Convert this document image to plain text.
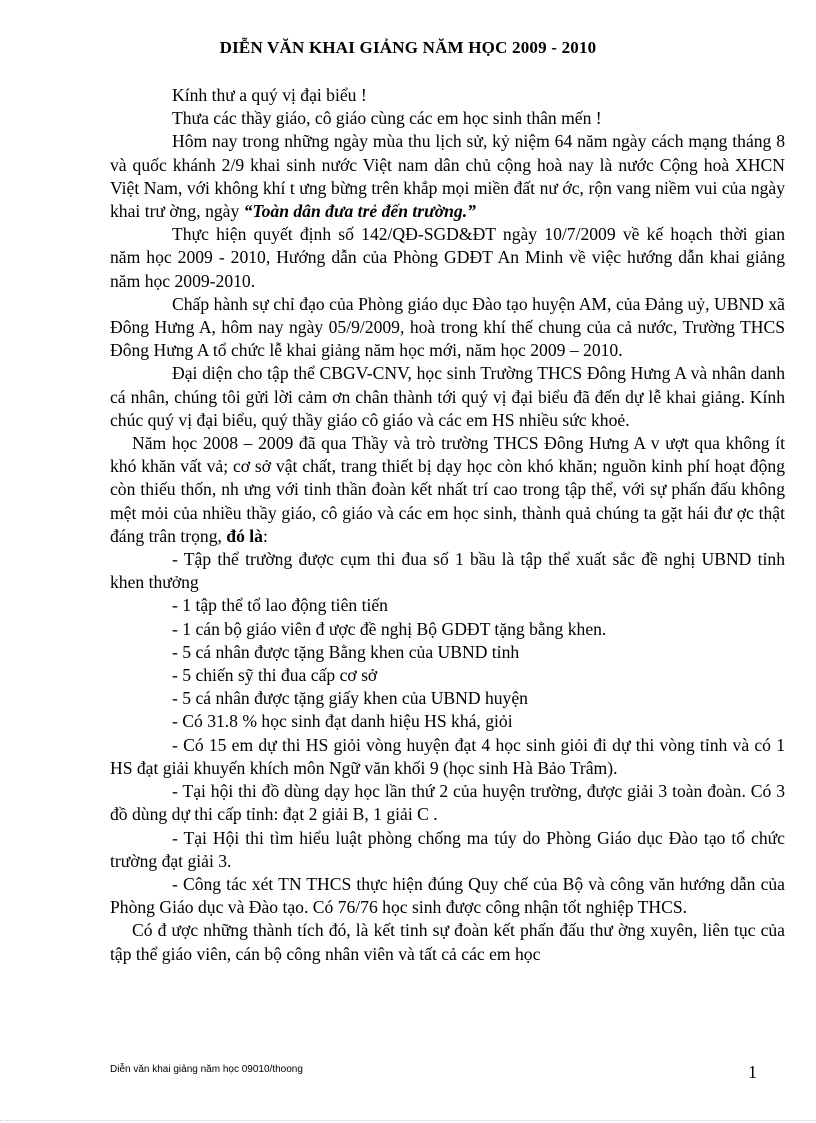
DIỄN VĂN KHAI GIẢNG NĂM HỌC 2009 - 2010

Kính thư a quý vị đại biểu !

Thưa các thầy giáo, cô giáo cùng các em học sinh thân mến !

Hôm nay trong những ngày mùa thu lịch sử, kỷ niệm 64 năm ngày cách mạng tháng 8 và quốc khánh 2/9 khai sinh nước Việt nam dân chủ cộng hoà nay là nước Cộng hoà XHCN Việt Nam, với không khí t ưng bừng trên khắp mọi miền đất nư ớc, rộn vang niềm vui của ngày khai trư ờng, ngày “Toàn dân đưa trẻ đến trường.”

Thực hiện quyết định số 142/QĐ-SGD&ĐT ngày 10/7/2009 về kế hoạch thời gian năm học 2009 - 2010, Hướng dẫn của Phòng GDĐT An Minh về việc hướng dẫn khai giảng năm học 2009-2010.

Chấp hành sự chỉ đạo của Phòng giáo dục Đào tạo huyện AM, của Đảng uỷ, UBND xã Đông Hưng A, hôm nay ngày 05/9/2009, hoà trong khí thế chung của cả nước, Trường THCS Đông Hưng A tổ chức lễ khai giảng năm học mới, năm học 2009 – 2010.

Đại diện cho tập thể CBGV-CNV, học sinh Trường THCS Đông Hưng A và nhân danh cá nhân, chúng tôi gửi lời cảm ơn chân thành tới quý vị đại biểu đã đến dự lễ khai giảng. Kính chúc quý vị đại biểu, quý thầy giáo cô giáo và các em HS nhiều sức khoẻ.

Năm học 2008 – 2009 đã qua Thầy và trò trường THCS Đông Hưng A v ượt qua không ít khó khăn vất vả; cơ sở vật chất, trang thiết bị dạy học còn khó khăn; nguồn kinh phí hoạt động còn thiếu thốn, nh ưng với tinh thần đoàn kết nhất trí cao trong tập thể, với sự phấn đấu không mệt mỏi của nhiều thầy giáo, cô giáo và các em học sinh, thành quả chúng ta gặt hái đư ợc thật đáng trân trọng, đó là:

- Tập thể trường được cụm thi đua số 1 bầu là tập thể xuất sắc đề nghị UBND tỉnh khen thưởng

- 1 tập thể tổ lao động tiên tiến

- 1 cán bộ giáo viên đ ược đề nghị Bộ GDĐT tặng bằng khen.

- 5 cá nhân được tặng Bằng khen của UBND tỉnh

- 5 chiến sỹ thi đua cấp cơ sở

- 5 cá nhân được tặng giấy khen của UBND huyện

- Có 31.8 % học sinh đạt danh hiệu HS khá, giỏi

- Có 15 em dự thi HS giỏi vòng huyện đạt 4 học sinh giỏi đi dự thi vòng tỉnh và có 1 HS đạt giải khuyến khích môn Ngữ văn khối 9 (học sinh Hà Bảo Trâm).

- Tại hội thi đồ dùng dạy học lần thứ 2 của huyện trường, được giải 3 toàn đoàn. Có 3 đồ dùng dự thi cấp tỉnh: đạt 2 giải B, 1 giải C .

- Tại Hội thi tìm hiểu luật phòng chống ma túy do Phòng Giáo dục Đào tạo tổ chức trường đạt giải 3.

- Công tác xét TN THCS thực hiện đúng Quy chế của Bộ và công văn hướng dẫn của Phòng Giáo dục và Đào tạo. Có 76/76 học sinh được công nhận tốt nghiệp THCS.

Có đ ược những thành tích đó, là kết tinh sự đoàn kết phấn đấu thư ờng xuyên, liên tục của tập thể giáo viên, cán bộ công nhân viên và tất cả các em học

Diễn văn khai giảng năm học 09010/thoong	1
